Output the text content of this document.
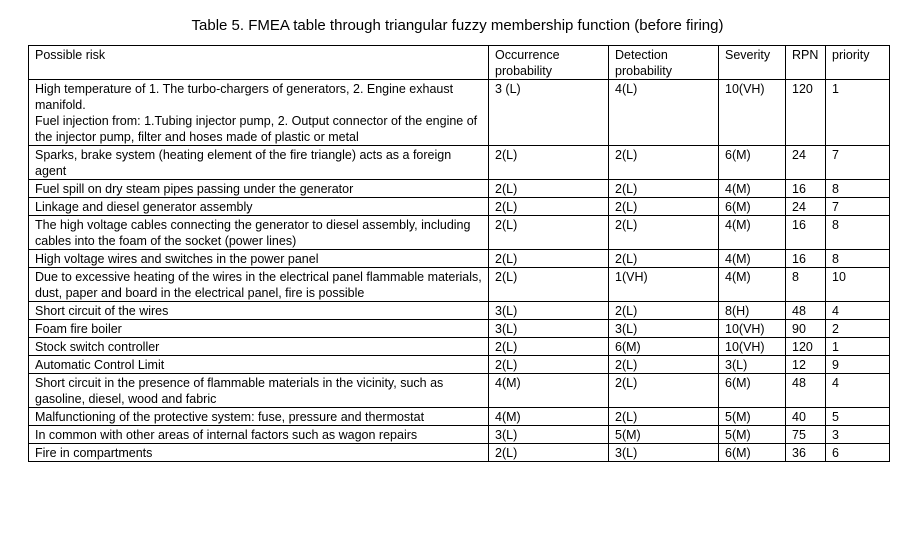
Table 5. FMEA table through triangular fuzzy membership function (before firing)
Possible risk	Occurrence probability	Detection probability	Severity	RPN	priority

High temperature of 1. The turbo-chargers of generators, 2. Engine exhaust manifold.
Fuel injection from: 1.Tubing injector pump, 2. Output connector of the engine of the injector pump, filter and hoses made of plastic or metal	3 (L)	4(L)	10(VH)	120	1

Sparks, brake system (heating element of the fire triangle) acts as a foreign agent	2(L)	2(L)	6(M)	24	7

Fuel spill on dry steam pipes passing under the generator	2(L)	2(L)	4(M)	16	8

Linkage and diesel generator assembly	2(L)	2(L)	6(M)	24	7

The high voltage cables connecting the generator to diesel assembly, including cables into the foam of the socket (power lines)	2(L)	2(L)	4(M)	16	8

High voltage wires and switches in the power panel	2(L)	2(L)	4(M)	16	8

Due to excessive heating of the wires in the electrical panel flammable materials, dust, paper and board in the electrical panel, fire is possible	2(L)	1(VH)	4(M)	8	10

Short circuit of the wires	3(L)	2(L)	8(H)	48	4

Foam fire boiler	3(L)	3(L)	10(VH)	90	2

Stock switch controller	2(L)	6(M)	10(VH)	120	1

Automatic Control Limit	2(L)	2(L)	3(L)	12	9

Short circuit in the presence of flammable materials in the vicinity, such as gasoline, diesel, wood and fabric	4(M)	2(L)	6(M)	48	4

Malfunctioning of the protective system: fuse, pressure and thermostat	4(M)	2(L)	5(M)	40	5

In common with other areas of internal factors such as wagon repairs	3(L)	5(M)	5(M)	75	3

Fire in compartments	2(L)	3(L)	6(M)	36	6
